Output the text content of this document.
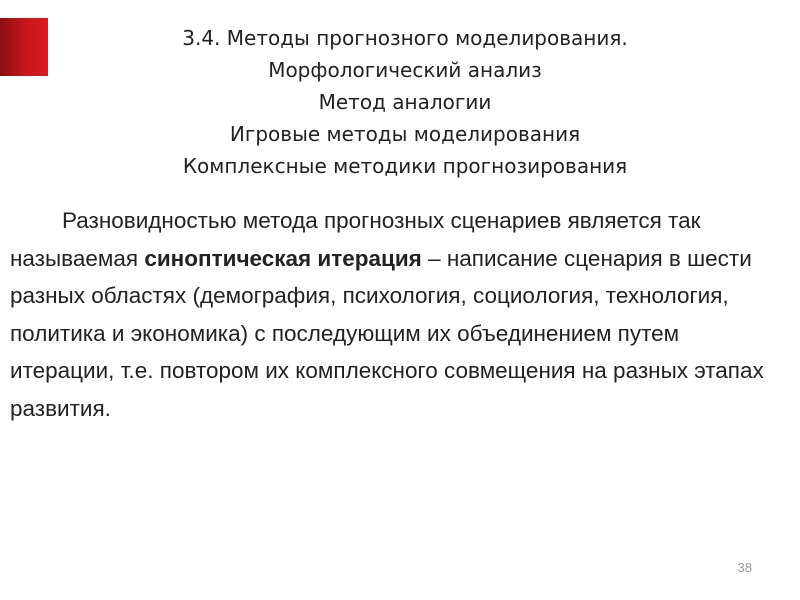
3.4. Методы прогнозного моделирования.
Морфологический анализ
Метод аналогии
Игровые методы моделирования
Комплексные методики прогнозирования
Разновидностью метода прогнозных сценариев является так называемая синоптическая итерация – написание сценария в шести разных областях (демография, психология, социология, технология, политика и экономика) с последующим их объединением путем итерации, т.е. повтором их комплексного совмещения на разных этапах развития.
38
